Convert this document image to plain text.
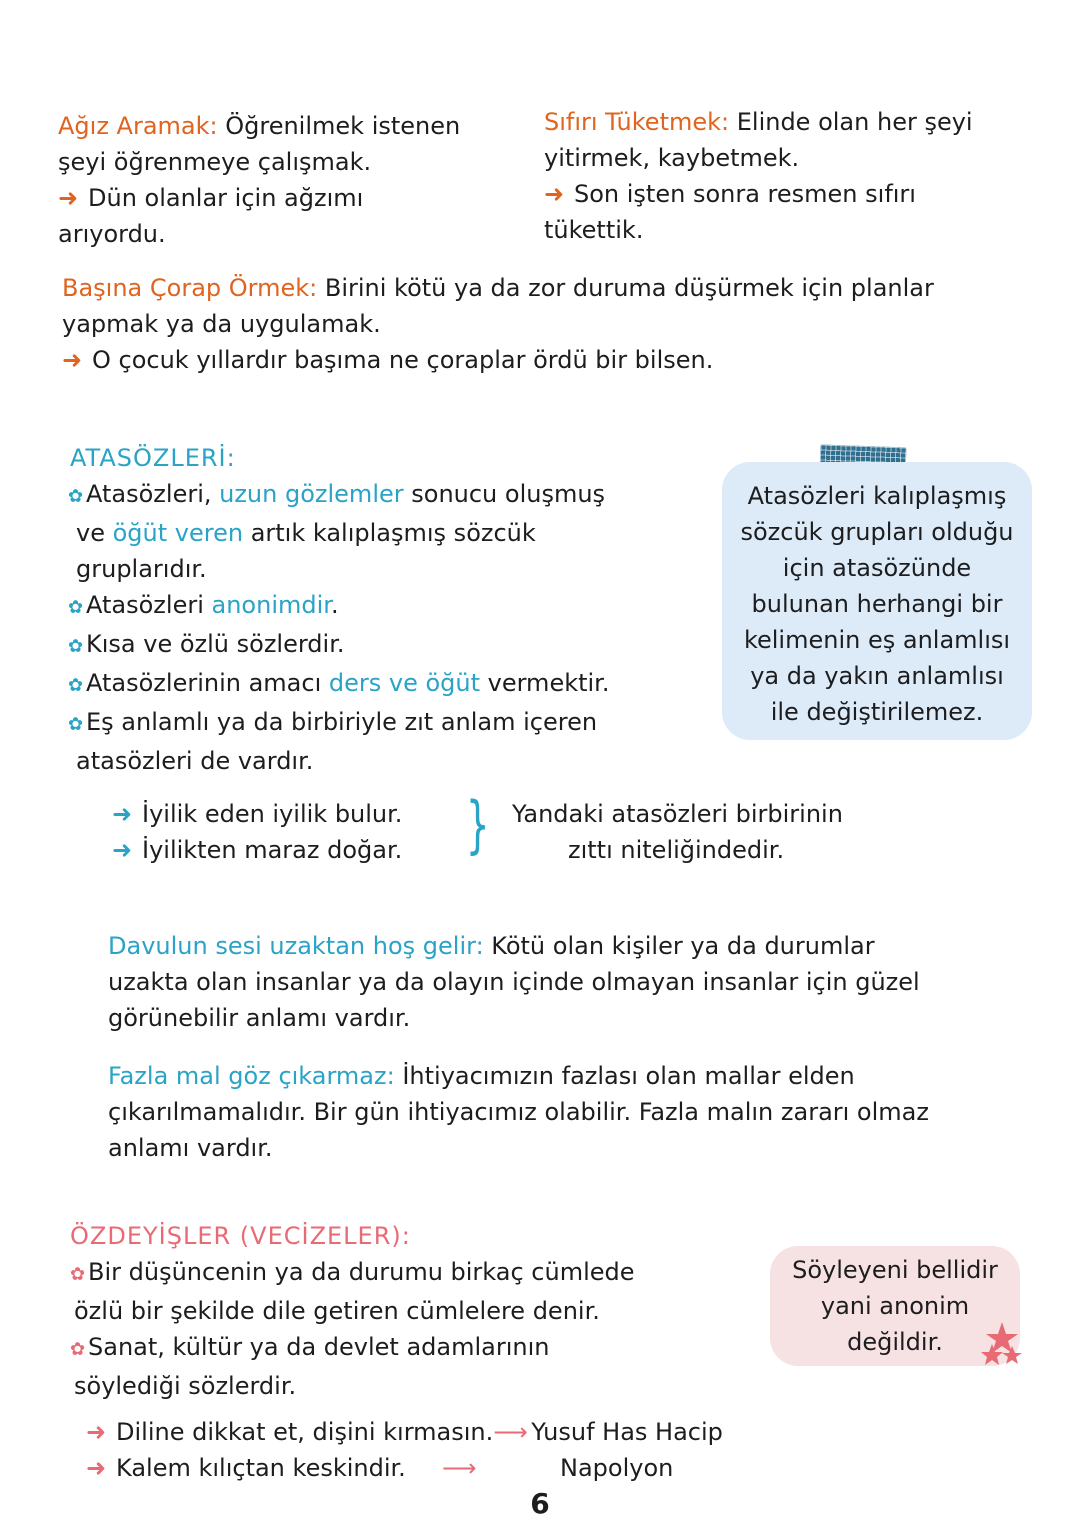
Ağız Aramak: Öğrenilmek istenen
şeyi öğrenmeye çalışmak.
➜ Dün olanlar için ağzımı
arıyordu.
Sıfırı Tüketmek: Elinde olan her şeyi
yitirmek, kaybetmek.
➜ Son işten sonra resmen sıfırı
tükettik.
Başına Çorap Örmek: Birini kötü ya da zor duruma düşürmek için planlar
yapmak ya da uygulamak.
➜ O çocuk yıllardır başıma ne çoraplar ördü bir bilsen.
ATASÖZLERİ:
✿ Atasözleri, uzun gözlemler sonucu oluşmuş
ve öğüt veren artık kalıplaşmış sözcük
gruplarıdır.
✿ Atasözleri anonimdir.
✿ Kısa ve özlü sözlerdir.
✿ Atasözlerinin amacı ders ve öğüt vermektir.
✿ Eş anlamlı ya da birbiriyle zıt anlam içeren
atasözleri de vardır.
Atasözleri kalıplaşmış
sözcük grupları olduğu
için atasözünde
bulunan herhangi bir
kelimenin eş anlamlısı
ya da yakın anlamlısı
ile değiştirilemez.
➜ İyilik eden iyilik bulur.
➜ İyilikten maraz doğar.	} Yandaki atasözleri birbirinin
zıttı niteliğindedir.
Davulun sesi uzaktan hoş gelir: Kötü olan kişiler ya da durumlar
uzakta olan insanlar ya da olayın içinde olmayan insanlar için güzel
görünebilir anlamı vardır.
Fazla mal göz çıkarmaz: İhtiyacımızın fazlası olan mallar elden
çıkarılmamalıdır. Bir gün ihtiyacımız olabilir. Fazla malın zararı olmaz
anlamı vardır.
ÖZDEYİŞLER (VECİZELER):
✿ Bir düşüncenin ya da durumu birkaç cümlede
özlü bir şekilde dile getiren cümlelere denir.
✿ Sanat, kültür ya da devlet adamlarının
söylediği sözlerdir.
Söyleyeni bellidir
yani anonim
değildir.
➜ Diline dikkat et, dişini kırmasın.⟶ Yusuf Has Hacip
➜ Kalem kılıçtan keskindir. ⟶	Napolyon
6
